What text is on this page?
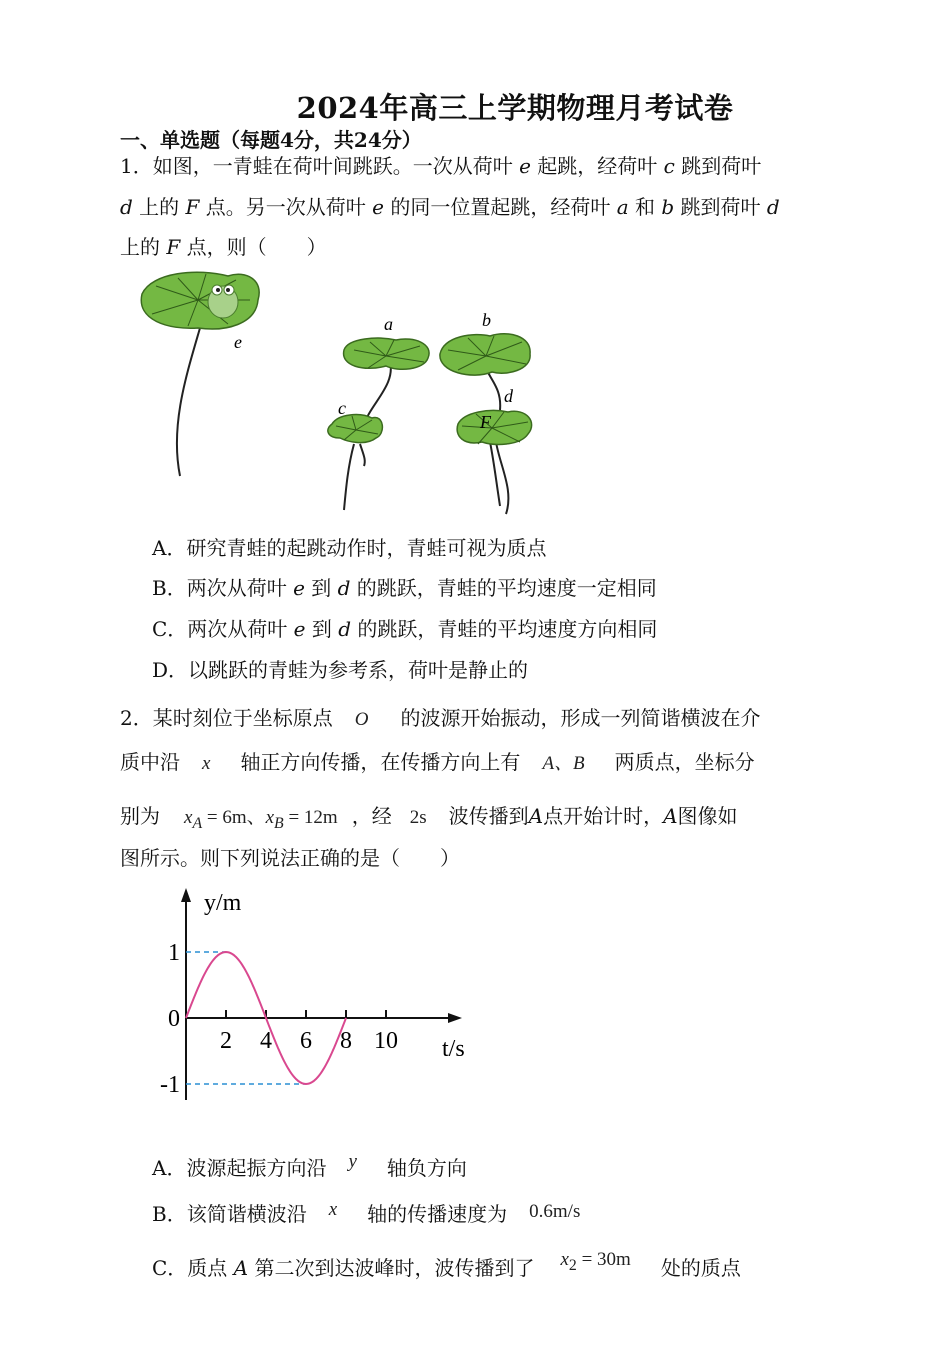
2024年高三上学期物理月考试卷
一、单选题（每题4分，共24分）
1．如图，一青蛙在荷叶间跳跃。一次从荷叶 e 起跳，经荷叶 c 跳到荷叶
d 上的 F 点。另一次从荷叶 e 的同一位置起跳，经荷叶 a 和 b 跳到荷叶 d
上的 F 点，则（　　）
e
a
c
b
d
F
A．研究青蛙的起跳动作时，青蛙可视为质点
B．两次从荷叶 e 到 d 的跳跃，青蛙的平均速度一定相同
C．两次从荷叶 e 到 d 的跳跃，青蛙的平均速度方向相同
D．以跳跃的青蛙为参考系，荷叶是静止的
2．某时刻位于坐标原点 O 的波源开始振动，形成一列简谐横波在介
质中沿 x 轴正方向传播，在传播方向上有 A、B 两质点，坐标分
别为 $x_A = 6m$、$x_B = 12m$ ，经 2s 波传播到A点开始计时，A图像如
图所示。则下列说法正确的是（　　）
y/m
t/s
2 4 6 8 10
1
0
-1
A．波源起振方向沿 y 轴负方向
B．该简谐横波沿 x 轴的传播速度为 0.6m/s
C．质点 A 第二次到达波峰时，波传播到了 $x_2 = 30m$ 处的质点
